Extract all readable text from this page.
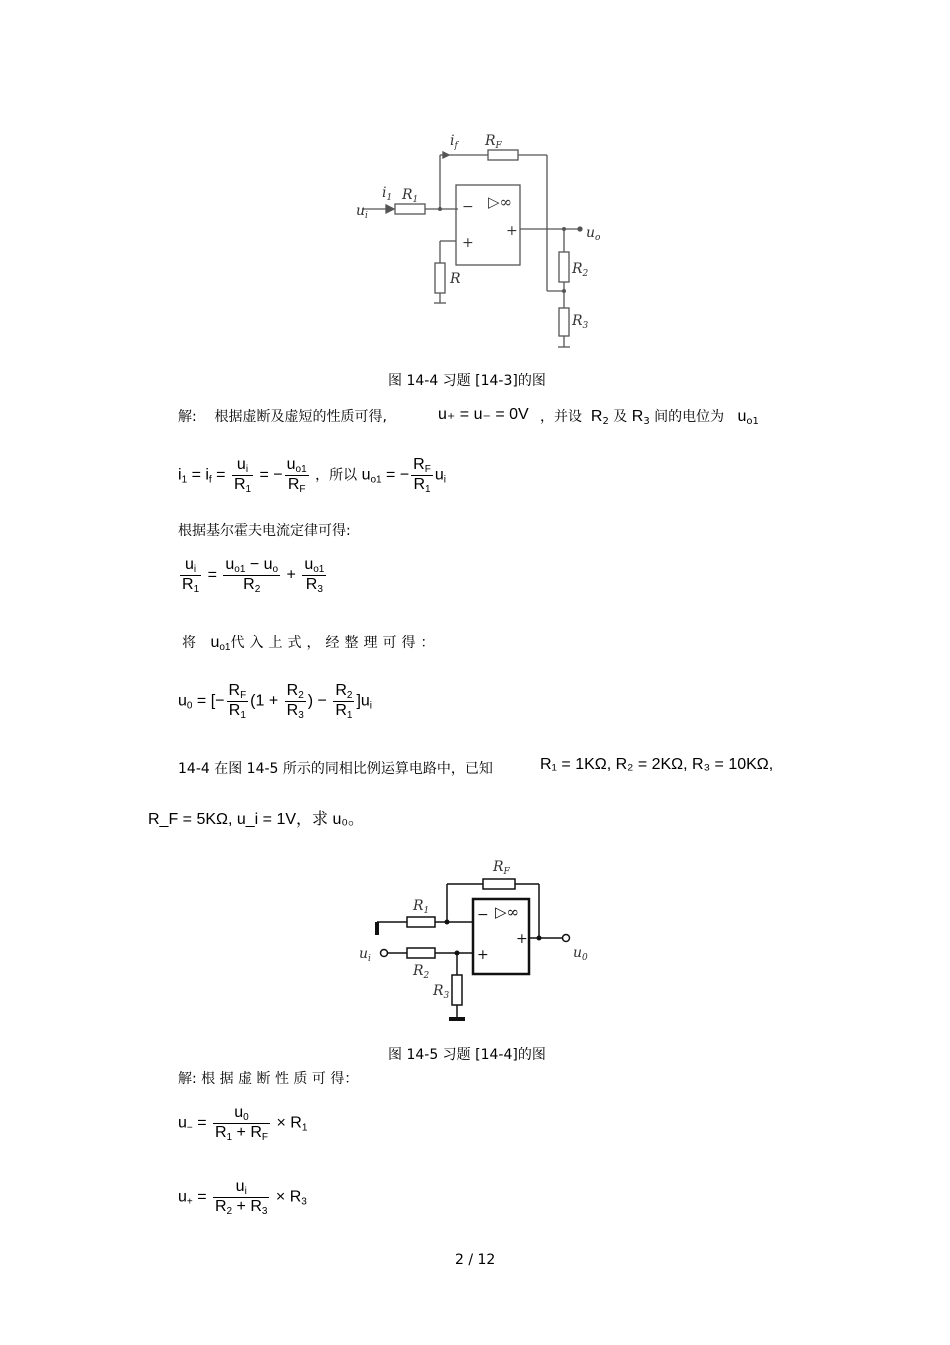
$i_f$ $R_F$
$u_i$
$i_1$ $R_1$	▷∞
−
+
+	$u_o$
R
$R_2$
$R_3$
图 14-4 习题 [14-3]的图
解: 根据虚断及虚短的性质可得,	u₊ = u₋ = 0V ，并设 $R_2$ 及 $R_3$ 间的电位为 $u_{o1}$
$i_1 = i_f = \frac{u_i}{R_1}$ = − $\frac{u_{o1}}{R_F}$ ，所以 $u_{o1}$ = − $\frac{R_F}{R_1} u_i$
根据基尔霍夫电流定律可得:
$\frac{u_i}{R_1} = \frac{u_{o1} - u_o}{R_2} + \frac{u_{o1}}{R_3}$
将 $u_{o1}$代入上式，经整理可得：
$u_0$ = [− $\frac{R_F}{R_1} (1 + \frac{R_2}{R_3}$ ) − $\frac{R_2}{R_1} ]u_i$
14-4 在图 14-5 所示的同相比例运算电路中，已知	R₁ = 1KΩ, R₂ = 2KΩ, R₃ = 10KΩ,
R_F = 5KΩ, u_i = 1V，求 u₀。
$R_F$
$R_1$
$u_i$
$R_2$
$R_3$
▷∞
−
+
+
$u_0$
图 14-5 习题 [14-4]的图
解: 根 据 虚 断 性 质 可 得：
$u_- = \frac{u_0}{R_1 + R_F} \times R_1$
$u_+ = \frac{u_i}{R_2 + R_3} \times R_3$
2 / 12
